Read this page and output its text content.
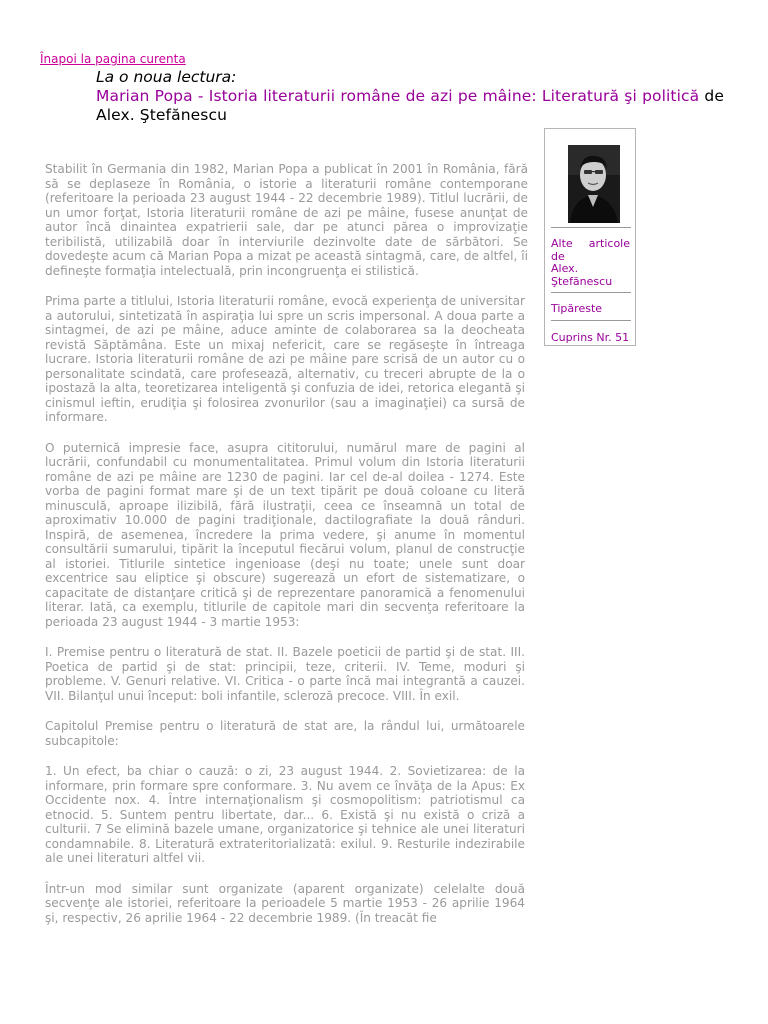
Înapoi la pagina curenta
La o noua lectura:
Marian Popa - Istoria literaturii române de azi pe mâine: Literatură şi politică de Alex. Ştefănescu
Alte articole
de
Alex.
Ştefănescu
Tipăreste
Cuprins Nr. 51

Stabilit în Germania din 1982, Marian Popa a publicat în 2001 în România, fără să se deplaseze în România, o istorie a literaturii române contemporane (referitoare la perioada 23 august 1944 - 22 decembrie 1989). Titlul lucrării, de un umor forţat, Istoria literaturii române de azi pe mâine, fusese anunţat de autor încă dinaintea expatrierii sale, dar pe atunci părea o improvizaţie teribilistă, utilizabilă doar în interviurile dezinvolte date de sărbători. Se dovedeşte acum că Marian Popa a mizat pe această sintagmă, care, de altfel, îi defineşte formaţia intelectuală, prin incongruenţa ei stilistică.

Prima parte a titlului, Istoria literaturii române, evocă experienţa de universitar a autorului, sintetizată în aspiraţia lui spre un scris impersonal. A doua parte a sintagmei, de azi pe mâine, aduce aminte de colaborarea sa la deocheata revistă Săptămâna. Este un mixaj nefericit, care se regăseşte în întreaga lucrare. Istoria literaturii române de azi pe mâine pare scrisă de un autor cu o personalitate scindată, care profesează, alternativ, cu treceri abrupte de la o ipostază la alta, teoretizarea inteligentă şi confuzia de idei, retorica elegantă şi cinismul ieftin, erudiţia şi folosirea zvonurilor (sau a imaginaţiei) ca sursă de informare.

O puternică impresie face, asupra cititorului, numărul mare de pagini al lucrării, confundabil cu monumentalitatea. Primul volum din Istoria literaturii române de azi pe mâine are 1230 de pagini. Iar cel de-al doilea - 1274. Este vorba de pagini format mare şi de un text tipărit pe două coloane cu literă minusculă, aproape ilizibilă, fără ilustraţii, ceea ce înseamnă un total de aproximativ 10.000 de pagini tradiţionale, dactilografiate la două rânduri. Inspiră, de asemenea, încredere la prima vedere, şi anume în momentul consultării sumarului, tipărit la începutul fiecărui volum, planul de construcţie al istoriei. Titlurile sintetice ingenioase (deşi nu toate; unele sunt doar excentrice sau eliptice şi obscure) sugerează un efort de sistematizare, o capacitate de distanţare critică şi de reprezentare panoramică a fenomenului literar. Iată, ca exemplu, titlurile de capitole mari din secvenţa referitoare la perioada 23 august 1944 - 3 martie 1953:

I. Premise pentru o literatură de stat. II. Bazele poeticii de partid şi de stat. III. Poetica de partid şi de stat: principii, teze, criterii. IV. Teme, moduri şi probleme. V. Genuri relative. VI. Critica - o parte încă mai integrantă a cauzei. VII. Bilanţul unui început: boli infantile, scleroză precoce. VIII. În exil.

Capitolul Premise pentru o literatură de stat are, la rândul lui, următoarele subcapitole:

1. Un efect, ba chiar o cauză: o zi, 23 august 1944. 2. Sovietizarea: de la informare, prin formare spre conformare. 3. Nu avem ce învăţa de la Apus: Ex Occidente nox. 4. Între internaţionalism şi cosmopolitism: patriotismul ca etnocid. 5. Suntem pentru libertate, dar... 6. Există şi nu există o criză a culturii. 7 Se elimină bazele umane, organizatorice şi tehnice ale unei literaturi condamnabile. 8. Literatură extrateritorializată: exilul. 9. Resturile indezirabile ale unei literaturi altfel vii.

Într-un mod similar sunt organizate (aparent organizate) celelalte două secvenţe ale istoriei, referitoare la perioadele 5 martie 1953 - 26 aprilie 1964 şi, respectiv, 26 aprilie 1964 - 22 decembrie 1989. (În treacăt fie
